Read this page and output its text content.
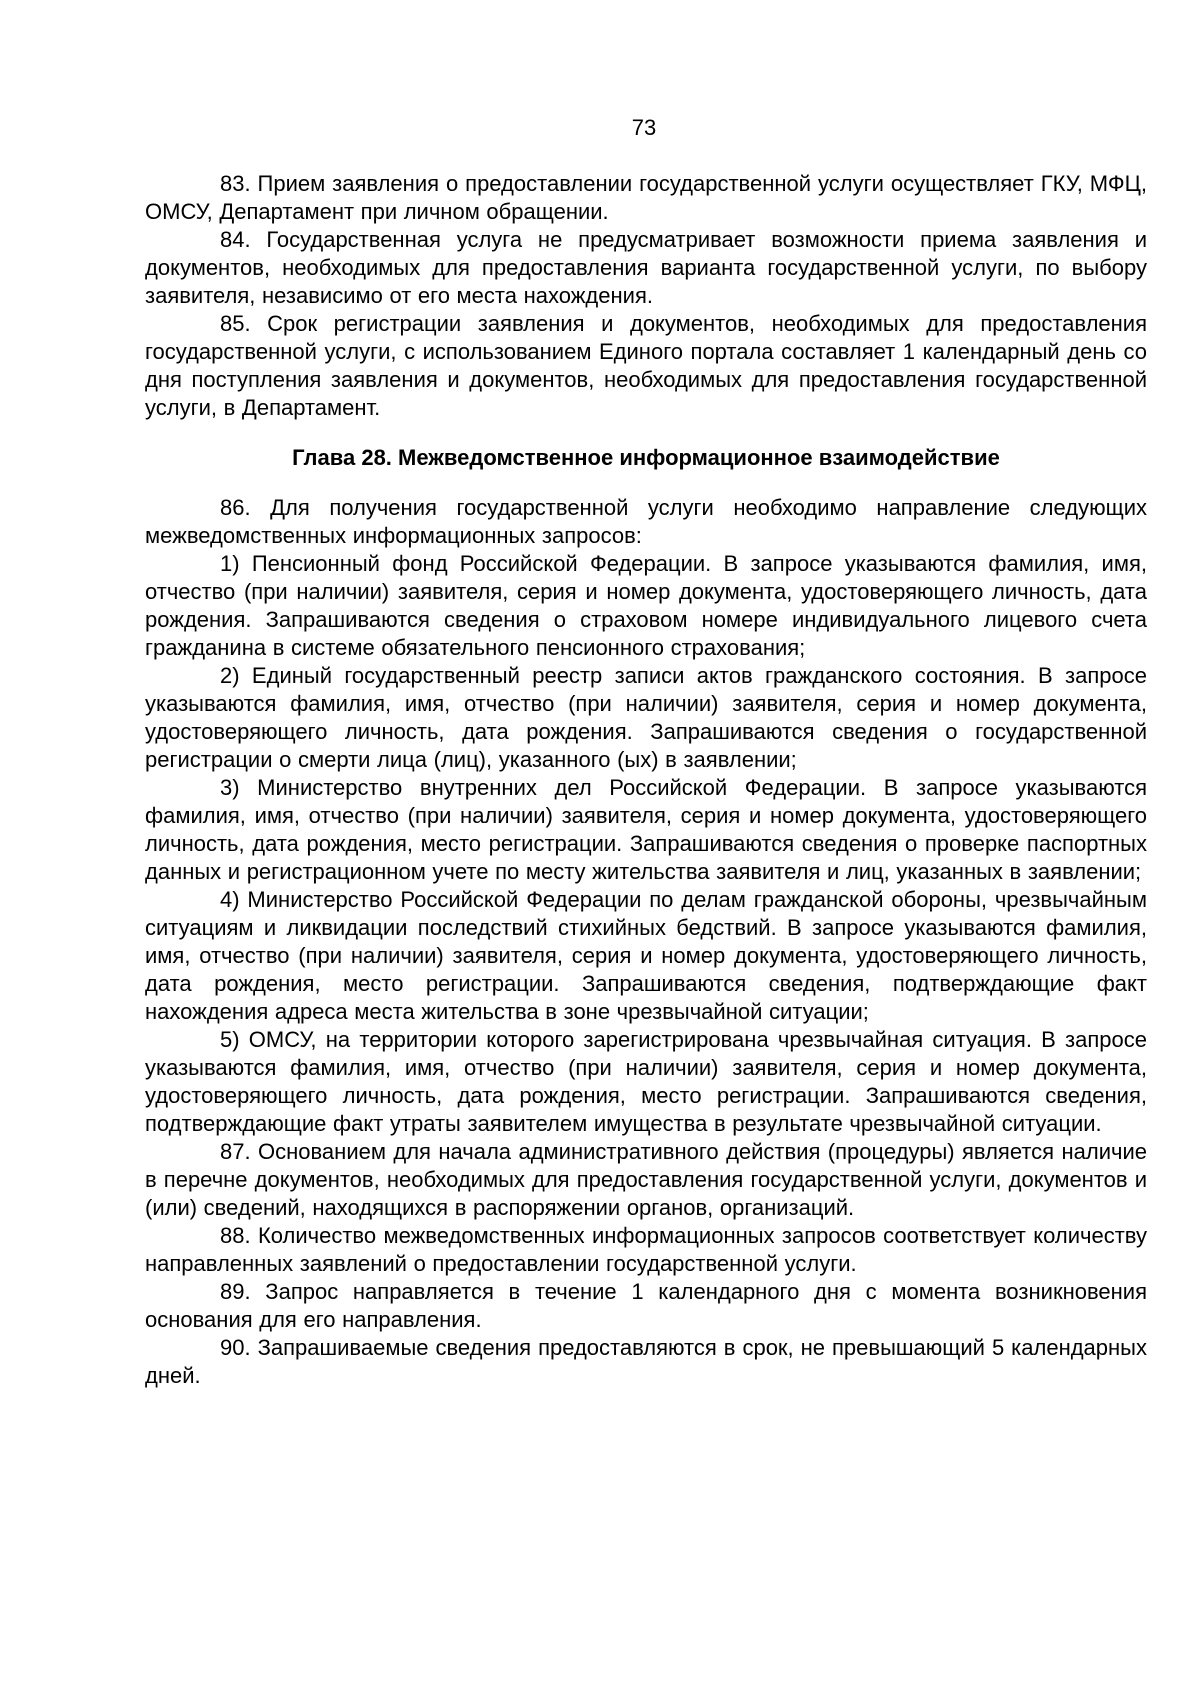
73

83. Прием заявления о предоставлении государственной услуги осуществляет ГКУ, МФЦ, ОМСУ, Департамент при личном обращении.

84. Государственная услуга не предусматривает возможности приема заявления и документов, необходимых для предоставления варианта государственной услуги, по выбору заявителя, независимо от его места нахождения.

85. Срок регистрации заявления и документов, необходимых для предоставления государственной услуги, с использованием Единого портала составляет 1 календарный день со дня поступления заявления и документов, необходимых для предоставления государственной услуги, в Департамент.

Глава 28. Межведомственное информационное взаимодействие

86. Для получения государственной услуги необходимо направление следующих межведомственных информационных запросов:

1) Пенсионный фонд Российской Федерации. В запросе указываются фамилия, имя, отчество (при наличии) заявителя, серия и номер документа, удостоверяющего личность, дата рождения. Запрашиваются сведения о страховом номере индивидуального лицевого счета гражданина в системе обязательного пенсионного страхования;

2) Единый государственный реестр записи актов гражданского состояния. В запросе указываются фамилия, имя, отчество (при наличии) заявителя, серия и номер документа, удостоверяющего личность, дата рождения. Запрашиваются сведения о государственной регистрации о смерти лица (лиц), указанного (ых) в заявлении;

3) Министерство внутренних дел Российской Федерации. В запросе указываются фамилия, имя, отчество (при наличии) заявителя, серия и номер документа, удостоверяющего личность, дата рождения, место регистрации. Запрашиваются сведения о проверке паспортных данных и регистрационном учете по месту жительства заявителя и лиц, указанных в заявлении;

4) Министерство Российской Федерации по делам гражданской обороны, чрезвычайным ситуациям и ликвидации последствий стихийных бедствий. В запросе указываются фамилия, имя, отчество (при наличии) заявителя, серия и номер документа, удостоверяющего личность, дата рождения, место регистрации. Запрашиваются сведения, подтверждающие факт нахождения адреса места жительства в зоне чрезвычайной ситуации;

5) ОМСУ, на территории которого зарегистрирована чрезвычайная ситуация. В запросе указываются фамилия, имя, отчество (при наличии) заявителя, серия и номер документа, удостоверяющего личность, дата рождения, место регистрации. Запрашиваются сведения, подтверждающие факт утраты заявителем имущества в результате чрезвычайной ситуации.

87. Основанием для начала административного действия (процедуры) является наличие в перечне документов, необходимых для предоставления государственной услуги, документов и (или) сведений, находящихся в распоряжении органов, организаций.

88. Количество межведомственных информационных запросов соответствует количеству направленных заявлений о предоставлении государственной услуги.

89. Запрос направляется в течение 1 календарного дня с момента возникновения основания для его направления.

90. Запрашиваемые сведения предоставляются в срок, не превышающий 5 календарных дней.
